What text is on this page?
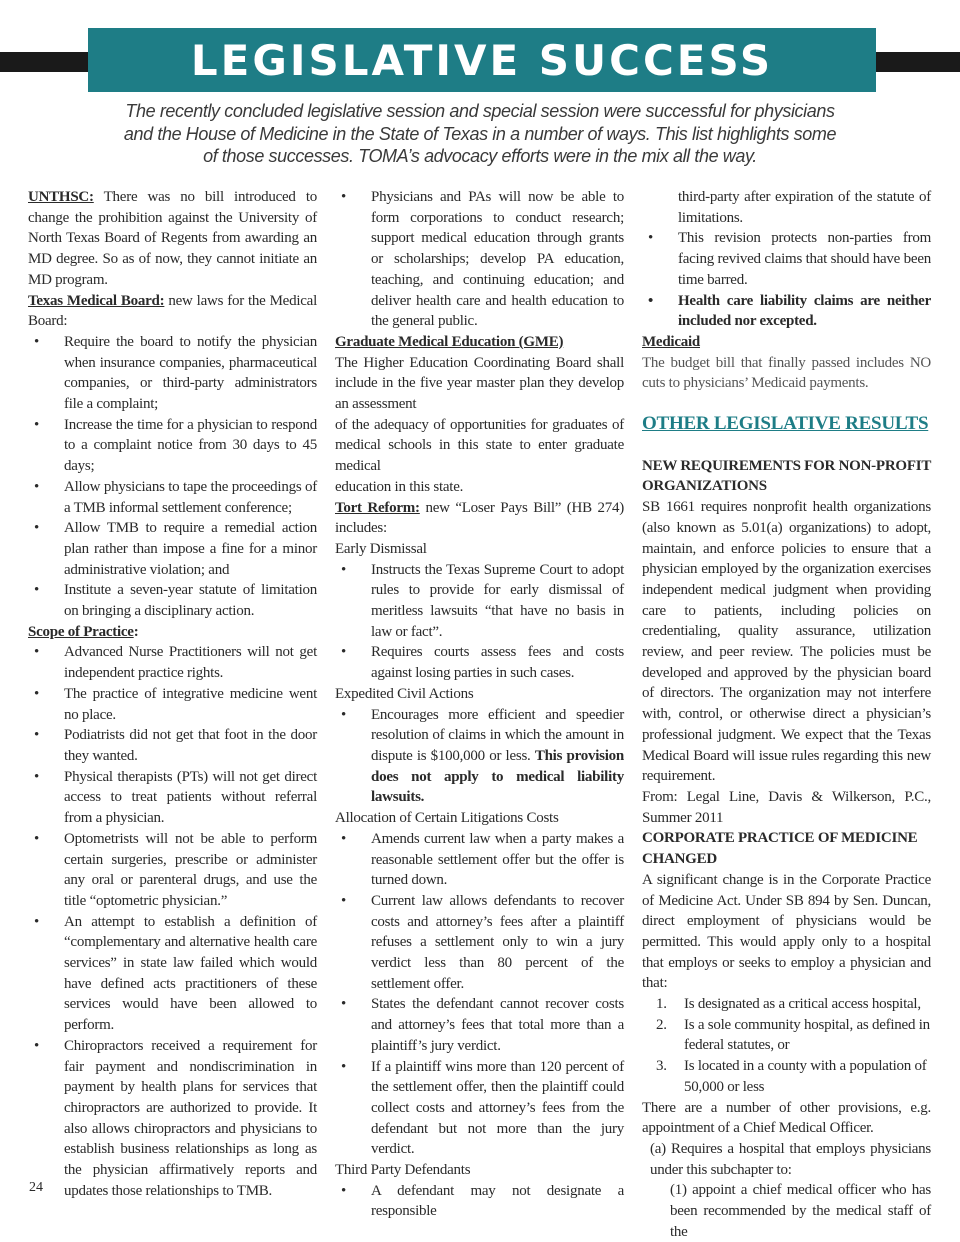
LEGISLATIVE SUCCESS
The recently concluded legislative session and special session were successful for physicians
and the House of Medicine in the State of Texas in a number of ways. This list highlights some
of those successes. TOMA’s advocacy efforts were in the mix all the way.

UNTHSC: There was no bill introduced to change the prohibition against the University of North Texas Board of Regents from awarding an MD degree. So as of now, they cannot initiate an MD program.

Texas Medical Board: new laws for the Medical Board:

• Require the board to notify the physician when insurance companies, pharmaceutical companies, or third-party administrators file a complaint;
• Increase the time for a physician to respond to a complaint notice from 30 days to 45 days;
• Allow physicians to tape the proceedings of a TMB informal settlement conference;
• Allow TMB to require a remedial action plan rather than impose a fine for a minor administrative violation; and
• Institute a seven-year statute of limitation on bringing a disciplinary action.

Scope of Practice:

• Advanced Nurse Practitioners will not get independent practice rights.
• The practice of integrative medicine went no place.
• Podiatrists did not get that foot in the door they wanted.
• Physical therapists (PTs) will not get direct access to treat patients without referral from a physician.
• Optometrists will not be able to perform certain surgeries, prescribe or administer any oral or parenteral drugs, and use the title “optometric physician.”
• An attempt to establish a definition of “complementary and alternative health care services” in state law failed which would have defined acts practitioners of these services would have been allowed to perform.
• Chiropractors received a requirement for fair payment and nondiscrimination in payment by health plans for services that chiropractors are authorized to provide. It also allows chiropractors and physicians to establish business relationships as long as the physician affirmatively reports and updates those relationships to TMB.
• Physicians and PAs will now be able to form corporations to conduct research; support medical education through grants or scholarships; develop PA education, teaching, and continuing education; and deliver health care and health education to the general public.

Graduate Medical Education (GME)

The Higher Education Coordinating Board shall include in the five year master plan they develop an assessment

of the adequacy of opportunities for graduates of medical schools in this state to enter graduate medical

education in this state.

Tort Reform: new “Loser Pays Bill” (HB 274) includes:

Early Dismissal

• Instructs the Texas Supreme Court to adopt rules to provide for early dismissal of meritless lawsuits “that have no basis in law or fact”.
• Requires courts assess fees and costs against losing parties in such cases.

Expedited Civil Actions

• Encourages more efficient and speedier resolution of claims in which the amount in dispute is $100,000 or less. This provision does not apply to medical liability lawsuits.

Allocation of Certain Litigations Costs

• Amends current law when a party makes a reasonable settlement offer but the offer is turned down.
• Current law allows defendants to recover costs and attorney’s fees after a plaintiff refuses a settlement only to win a jury verdict less than 80 percent of the settlement offer.
• States the defendant cannot recover costs and attorney’s fees that total more than a plaintiff’s jury verdict.
• If a plaintiff wins more than 120 percent of the settlement offer, then the plaintiff could collect costs and attorney’s fees from the defendant but not more than the jury verdict.

Third Party Defendants

• A defendant may not designate a responsible

third-party after expiration of the statute of limitations.

• This revision protects non-parties from facing revived claims that should have been time barred.
• Health care liability claims are neither included nor excepted.

Medicaid

The budget bill that finally passed includes NO cuts to physicians’ Medicaid payments.

OTHER LEGISLATIVE RESULTS

NEW REQUIREMENTS FOR NON-PROFIT ORGANIZATIONS

SB 1661 requires nonprofit health organizations (also known as 5.01(a) organizations) to adopt, maintain, and enforce policies to ensure that a physician employed by the organization exercises independent medical judgment when providing care to patients, including policies on credentialing, quality assurance, utilization review, and peer review. The policies must be developed and approved by the physician board of directors. The organization may not interfere with, control, or otherwise direct a physician’s professional judgment. We expect that the Texas Medical Board will issue rules regarding this new requirement.

From: Legal Line, Davis & Wilkerson, P.C., Summer 2011

CORPORATE PRACTICE OF MEDICINE CHANGED

A significant change is in the Corporate Practice of Medicine Act. Under SB 894 by Sen. Duncan, direct employment of physicians would be permitted. This would apply only to a hospital that employs or seeks to employ a physician and that:

1. Is designated as a critical access hospital,
2. Is a sole community hospital, as defined in federal statutes, or
3. Is located in a county with a population of 50,000 or less

There are a number of other provisions, e.g. appointment of a Chief Medical Officer.

(a) Requires a hospital that employs physicians under this subchapter to:

(1) appoint a chief medical officer who has been recommended by the medical staff of the

24
